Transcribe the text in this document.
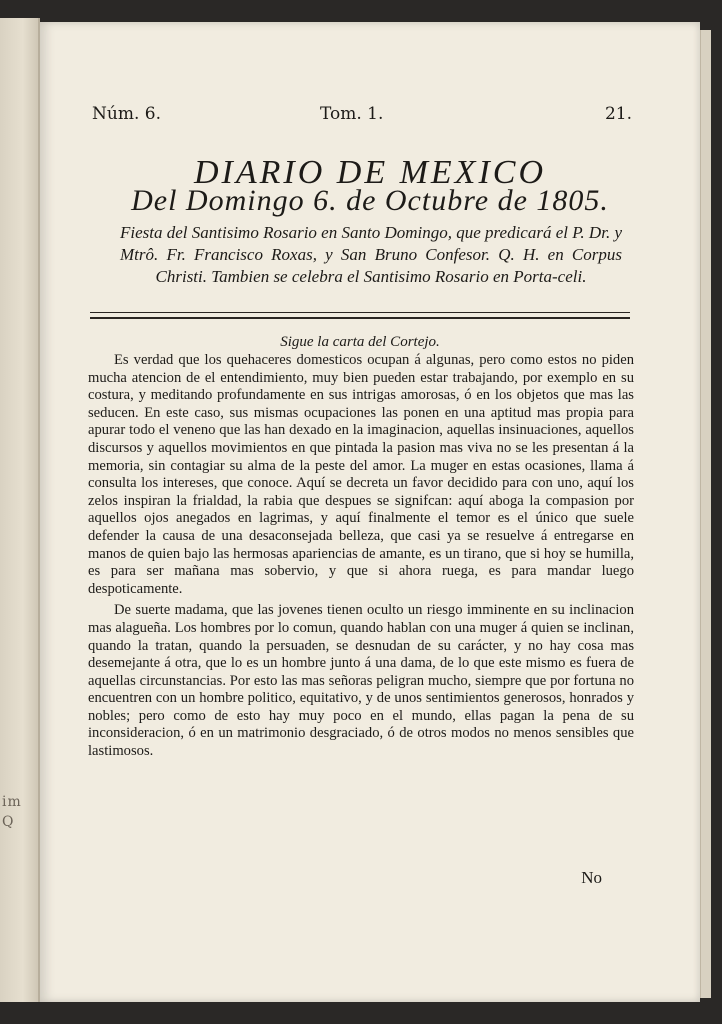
im
Q
Núm. 6.	Tom. 1.	21.
DIARIO DE MEXICO
Del Domingo 6. de Octubre de 1805.
Fiesta del Santisimo Rosario en Santo Domingo, que predicará el P. Dr. y Mtrô. Fr. Francisco Roxas, y San Bruno Confesor. Q. H. en Corpus Christi. Tambien se celebra el Santisimo Rosario en Porta-celi.
Sigue la carta del Cortejo.

Es verdad que los quehaceres domesticos ocupan á algunas, pero como estos no piden mucha atencion de el entendimiento, muy bien pueden estar trabajando, por exemplo en su costura, y meditando profundamente en sus intrigas amorosas, ó en los objetos que mas las seducen. En este caso, sus mismas ocupaciones las ponen en una aptitud mas propia para apurar todo el veneno que las han dexado en la imaginacion, aquellas insinuaciones, aquellos discursos y aquellos movimientos en que pintada la pasion mas viva no se les presentan á la memoria, sin contagiar su alma de la peste del amor. La muger en estas ocasiones, llama á consulta los intereses, que conoce. Aquí se decreta un favor decidido para con uno, aquí los zelos inspiran la frialdad, la rabia que despues se signifcan: aquí aboga la compasion por aquellos ojos anegados en lagrimas, y aquí finalmente el temor es el único que suele defender la causa de una desaconsejada belleza, que casi ya se resuelve á entregarse en manos de quien bajo las hermosas apariencias de amante, es un tirano, que si hoy se humilla, es para ser mañana mas sobervio, y que si ahora ruega, es para mandar luego despoticamente.

De suerte madama, que las jovenes tienen oculto un riesgo imminente en su inclinacion mas alagueña. Los hombres por lo comun, quando hablan con una muger á quien se inclinan, quando la tratan, quando la persuaden, se desnudan de su carácter, y no hay cosa mas desemejante á otra, que lo es un hombre junto á una dama, de lo que este mismo es fuera de aquellas circunstancias. Por esto las mas señoras peligran mucho, siempre que por fortuna no encuentren con un hombre politico, equitativo, y de unos sentimientos generosos, honrados y nobles; pero como de esto hay muy poco en el mundo, ellas pagan la pena de su inconsideracion, ó en un matrimonio desgraciado, ó de otros modos no menos sensibles que lastimosos.

No
